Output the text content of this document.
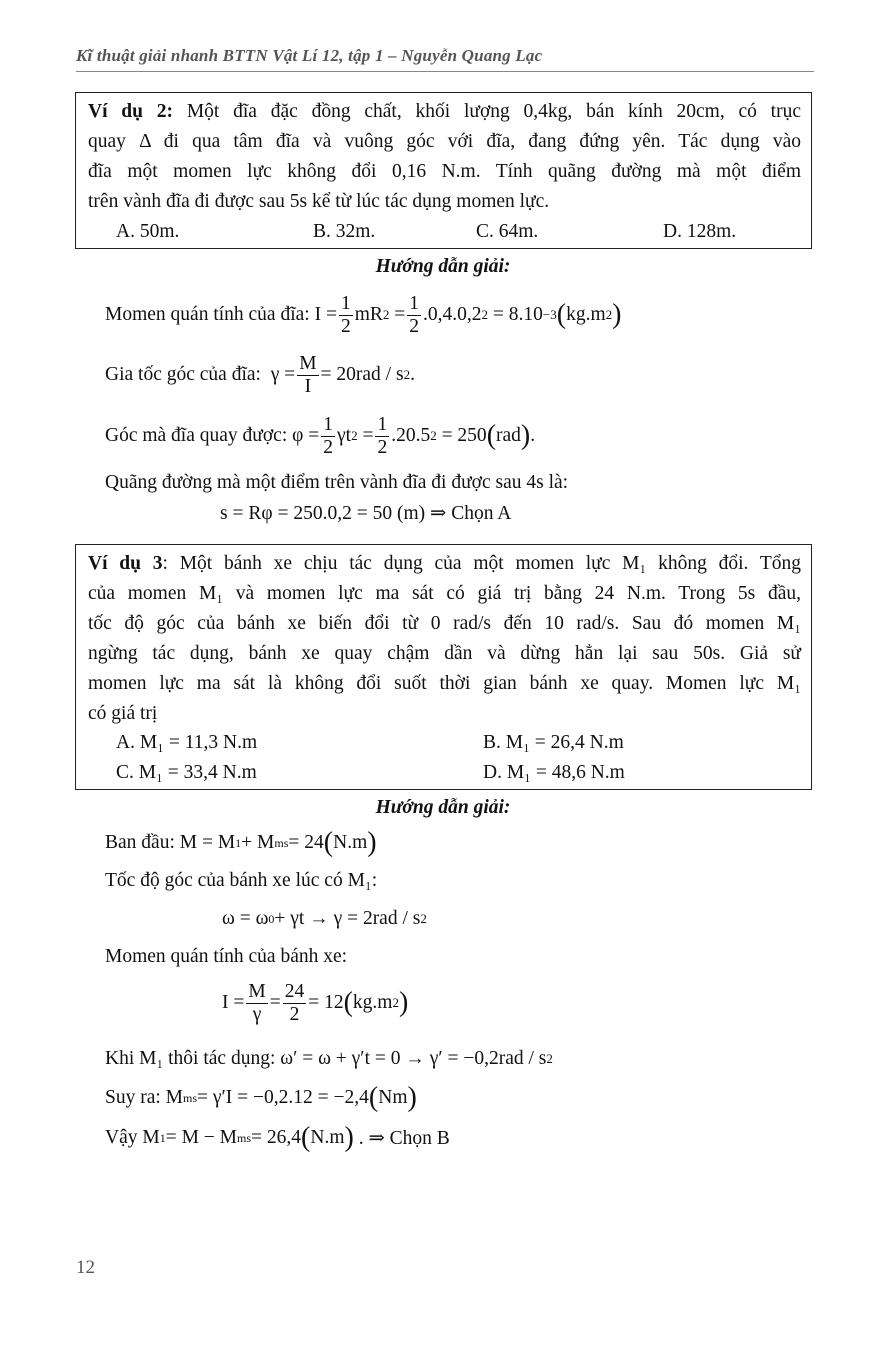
Kĩ thuật giải nhanh BTTN Vật Lí 12, tập 1 – Nguyễn Quang Lạc
Ví dụ 2: Một đĩa đặc đồng chất, khối lượng 0,4kg, bán kính 20cm, có trục
quay Δ đi qua tâm đĩa và vuông góc với đĩa, đang đứng yên. Tác dụng vào
đĩa một momen lực không đổi 0,16 N.m. Tính quãng đường mà một điểm
trên vành đĩa đi được sau 5s kể từ lúc tác dụng momen lực.
A. 50m.	B. 32m.	C. 64m.	D. 128m.
Hướng dẫn giải:
Momen quán tính của đĩa:
$I = \frac{1}{2}$ mR 2
= $\frac{1}{2} .0,4.0,2$ 2
= 8.10 −3 ( kg.m 2 )
Gia tốc góc của đĩa:
$\gamma = \frac{M}{I} = 20rad / s$ 2 .
Góc mà đĩa quay được:
$\varphi = \frac{1}{2}$ γt 2
= $\frac{1}{2} .20.5$ 2
= 250 ( rad ) .
Quãng đường mà một điểm trên vành đĩa đi được sau 4s là:
s = Rφ = 250.0,2 = 50 (m) ⇒ Chọn A
Ví dụ 3: Một bánh xe chịu tác dụng của một momen lực M₁ không đổi. Tổng
của momen M₁ và momen lực ma sát có giá trị bằng 24 N.m. Trong 5s đầu,
tốc độ góc của bánh xe biến đổi từ 0 rad/s đến 10 rad/s. Sau đó momen M₁
ngừng tác dụng, bánh xe quay chậm dần và dừng hẳn lại sau 50s. Giả sử
momen lực ma sát là không đổi suốt thời gian bánh xe quay. Momen lực M₁
có giá trị
A. M₁ = 11,3 N.m	B. M₁ = 26,4 N.m
C. M₁ = 33,4 N.m	D. M₁ = 48,6 N.m
Hướng dẫn giải:
Ban đầu:
M = M 1 + M ms = 24 ( N.m )
Tốc độ góc của bánh xe lúc có M₁:
ω = ω 0 + γt → γ = 2rad / s 2
Momen quán tính của bánh xe:
$I = \frac{M}{\gamma} = \frac{24}{2} = 12$ ( kg.m 2 )
Khi M₁ thôi tác dụng:
ω′ = ω + γ′t = 0 → γ′ = −0,2rad / s 2
Suy ra:
M ms = γ′I = −0,2.12 = −2,4 ( Nm )
Vậy
M 1 = M − M ms = 26,4 ( N.m )
. ⇒ Chọn B
12
